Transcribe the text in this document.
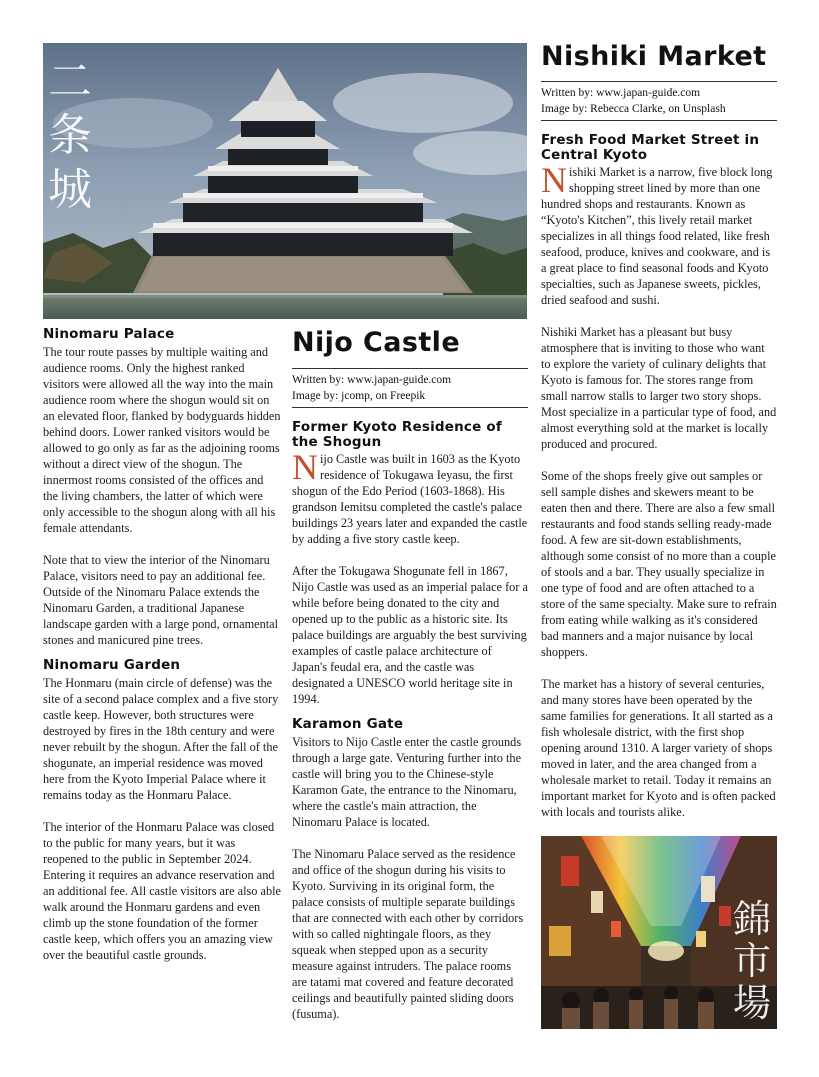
二
条
城
Ninomaru Palace

The tour route passes by multiple waiting and audience rooms. Only the highest ranked visitors were allowed all the way into the main audience room where the shogun would sit on an elevated floor, flanked by bodyguards hidden behind doors. Lower ranked visitors would be allowed to go only as far as the adjoining rooms without a direct view of the shogun. The innermost rooms consisted of the offices and the living chambers, the latter of which were only accessible to the shogun along with all his female attendants.

Note that to view the interior of the Ninomaru Palace, visitors need to pay an additional fee. Outside of the Ninomaru Palace extends the Ninomaru Garden, a traditional Japanese landscape garden with a large pond, ornamental stones and manicured pine trees.

Ninomaru Garden

The Honmaru (main circle of defense) was the site of a second palace complex and a five story castle keep. However, both structures were destroyed by fires in the 18th century and were never rebuilt by the shogun. After the fall of the shogunate, an imperial residence was moved here from the Kyoto Imperial Palace where it remains today as the Honmaru Palace.

The interior of the Honmaru Palace was closed to the public for many years, but it was reopened to the public in September 2024. Entering it requires an advance reservation and an additional fee. All castle visitors are also able walk around the Honmaru gardens and even climb up the stone foundation of the former castle keep, which offers you an amazing view over the beautiful castle grounds.

Nijo Castle
Written by: www.japan-guide.com
Image by: jcomp, on Freepik
Former Kyoto Residence of the Shogun

Nijo Castle was built in 1603 as the Kyoto residence of Tokugawa Ieyasu, the first shogun of the Edo Period (1603-1868). His grandson Iemitsu completed the castle's palace buildings 23 years later and expanded the castle by adding a five story castle keep.

After the Tokugawa Shogunate fell in 1867, Nijo Castle was used as an imperial palace for a while before being donated to the city and opened up to the public as a historic site. Its palace buildings are arguably the best surviving examples of castle palace architecture of Japan's feudal era, and the castle was designated a UNESCO world heritage site in 1994.

Karamon Gate

Visitors to Nijo Castle enter the castle grounds through a large gate. Venturing further into the castle will bring you to the Chinese-style Karamon Gate, the entrance to the Ninomaru, where the castle's main attraction, the Ninomaru Palace is located.

The Ninomaru Palace served as the residence and office of the shogun during his visits to Kyoto. Surviving in its original form, the palace consists of multiple separate buildings that are connected with each other by corridors with so called nightingale floors, as they squeak when stepped upon as a security measure against intruders. The palace rooms are tatami mat covered and feature decorated ceilings and beautifully painted sliding doors (fusuma).

Nishiki Market
Written by: www.japan-guide.com
Image by: Rebecca Clarke, on Unsplash
Fresh Food Market Street in Central Kyoto

Nishiki Market is a narrow, five block long shopping street lined by more than one hundred shops and restaurants. Known as “Kyoto's Kitchen”, this lively retail market specializes in all things food related, like fresh seafood, produce, knives and cookware, and is a great place to find seasonal foods and Kyoto specialties, such as Japanese sweets, pickles, dried seafood and sushi.

Nishiki Market has a pleasant but busy atmosphere that is inviting to those who want to explore the variety of culinary delights that Kyoto is famous for. The stores range from small narrow stalls to larger two story shops. Most specialize in a particular type of food, and almost everything sold at the market is locally produced and procured.

Some of the shops freely give out samples or sell sample dishes and skewers meant to be eaten then and there. There are also a few small restaurants and food stands selling ready-made food. A few are sit-down establishments, although some consist of no more than a couple of stools and a bar. They usually specialize in one type of food and are often attached to a store of the same specialty. Make sure to refrain from eating while walking as it's considered bad manners and a major nuisance by local shoppers.

The market has a history of several centuries, and many stores have been operated by the same families for generations. It all started as a fish wholesale district, with the first shop opening around 1310. A larger variety of shops moved in later, and the area changed from a wholesale market to retail. Today it remains an important market for Kyoto and is often packed with locals and tourists alike.

錦
市
場
